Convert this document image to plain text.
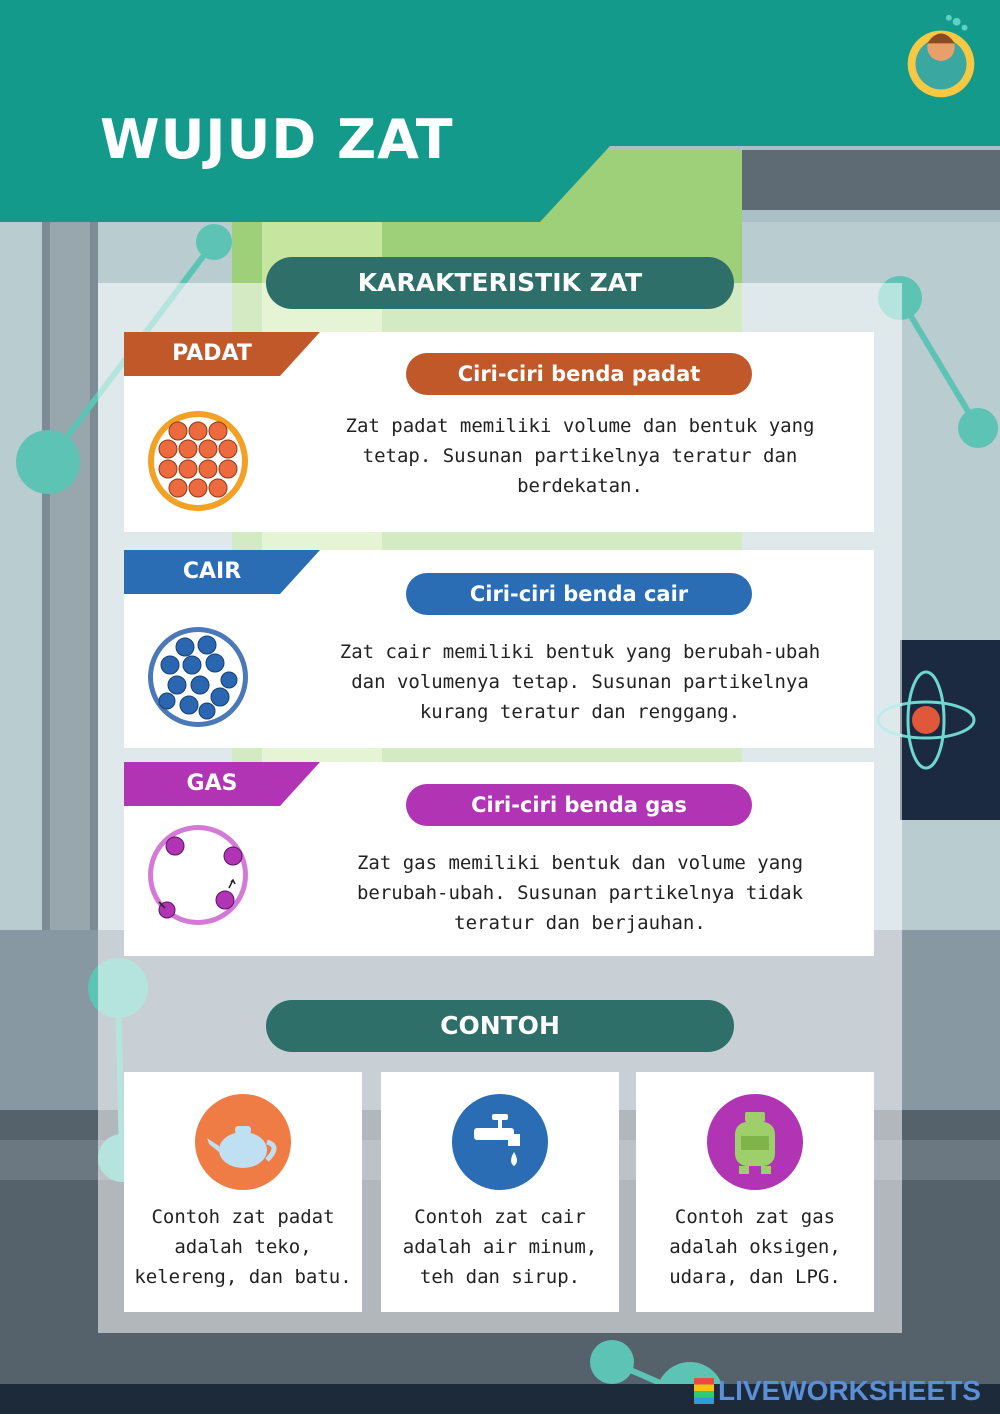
WUJUD ZAT
KARAKTERISTIK ZAT
PADAT
Ciri-ciri benda padat
Zat padat memiliki volume dan bentuk yang tetap. Susunan partikelnya teratur dan berdekatan.
CAIR
Ciri-ciri benda cair
Zat cair memiliki bentuk yang berubah-ubah dan volumenya tetap. Susunan partikelnya kurang teratur dan renggang.
GAS
Ciri-ciri benda gas
Zat gas memiliki bentuk dan volume yang berubah-ubah. Susunan partikelnya tidak teratur dan berjauhan.
CONTOH
Contoh zat padat adalah teko, kelereng, dan batu.
Contoh zat cair adalah air minum, teh dan sirup.
Contoh zat gas adalah oksigen, udara, dan LPG.
LIVEWORKSHEETS
